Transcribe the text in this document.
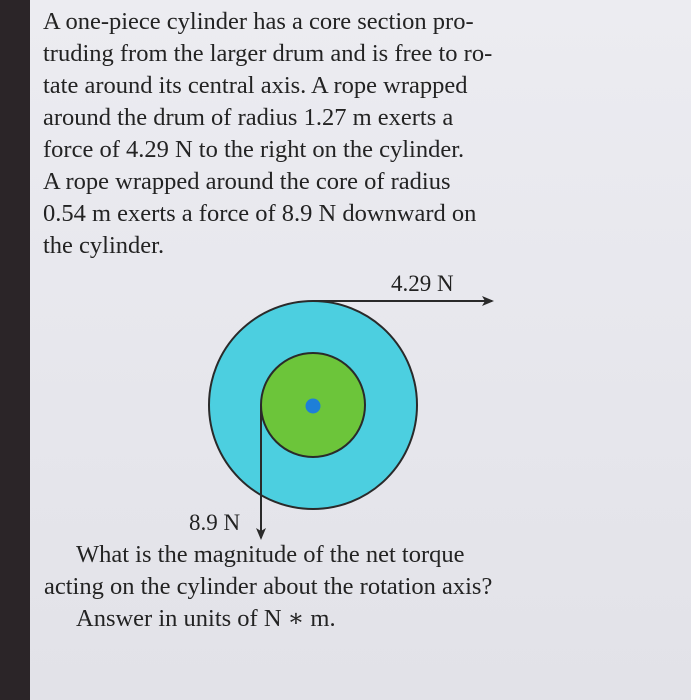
A one-piece cylinder has a core section pro-
truding from the larger drum and is free to ro-
tate around its central axis. A rope wrapped
around the drum of radius 1.27 m exerts a
force of 4.29 N to the right on the cylinder.
A rope wrapped around the core of radius
0.54 m exerts a force of 8.9 N downward on
the cylinder.
4.29 N
8.9 N
What is the magnitude of the net torque
acting on the cylinder about the rotation axis?
Answer in units of N ∗ m.
